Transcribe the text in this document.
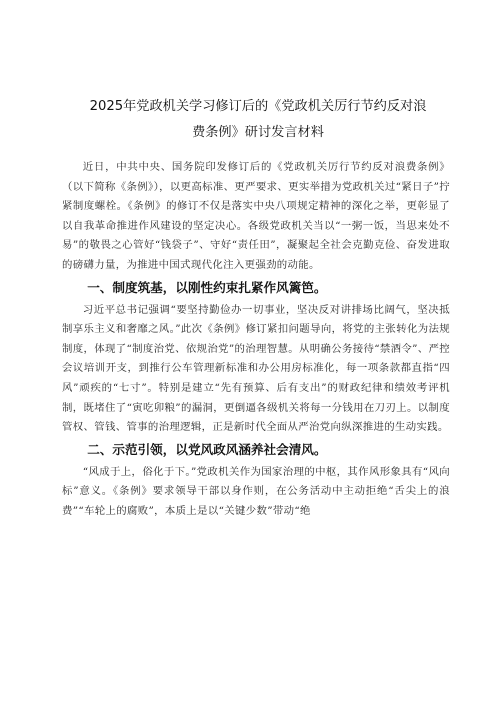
2025年党政机关学习修订后的《党政机关厉行节约反对浪费条例》研讨发言材料

近日，中共中央、国务院印发修订后的《党政机关厉行节约反对浪费条例》（以下简称《条例》），以更高标准、更严要求、更实举措为党政机关过“紧日子”拧紧制度螺栓。《条例》的修订不仅是落实中央八项规定精神的深化之举，更彰显了以自我革命推进作风建设的坚定决心。各级党政机关当以“一粥一饭，当思来处不易”的敬畏之心管好“钱袋子”、守好“责任田”，凝聚起全社会克勤克俭、奋发进取的磅礴力量，为推进中国式现代化注入更强劲的动能。

一、制度筑基，以刚性约束扎紧作风篱笆。

习近平总书记强调“要坚持勤俭办一切事业，坚决反对讲排场比阔气，坚决抵制享乐主义和奢靡之风。”此次《条例》修订紧扣问题导向，将党的主张转化为法规制度，体现了“制度治党、依规治党”的治理智慧。从明确公务接待“禁酒令”、严控会议培训开支，到推行公车管理新标准和办公用房标准化，每一项条款都直指“四风”顽疾的“七寸”。特别是建立“先有预算、后有支出”的财政纪律和绩效考评机制，既堵住了“寅吃卯粮”的漏洞，更倒逼各级机关将每一分钱用在刀刃上。以制度管权、管钱、管事的治理逻辑，正是新时代全面从严治党向纵深推进的生动实践。

二、示范引领，以党风政风涵养社会清风。

“风成于上，俗化于下。”党政机关作为国家治理的中枢，其作风形象具有“风向标”意义。《条例》要求领导干部以身作则，在公务活动中主动拒绝“舌尖上的浪费”“车轮上的腐败”，本质上是以“关键少数”带动“绝
